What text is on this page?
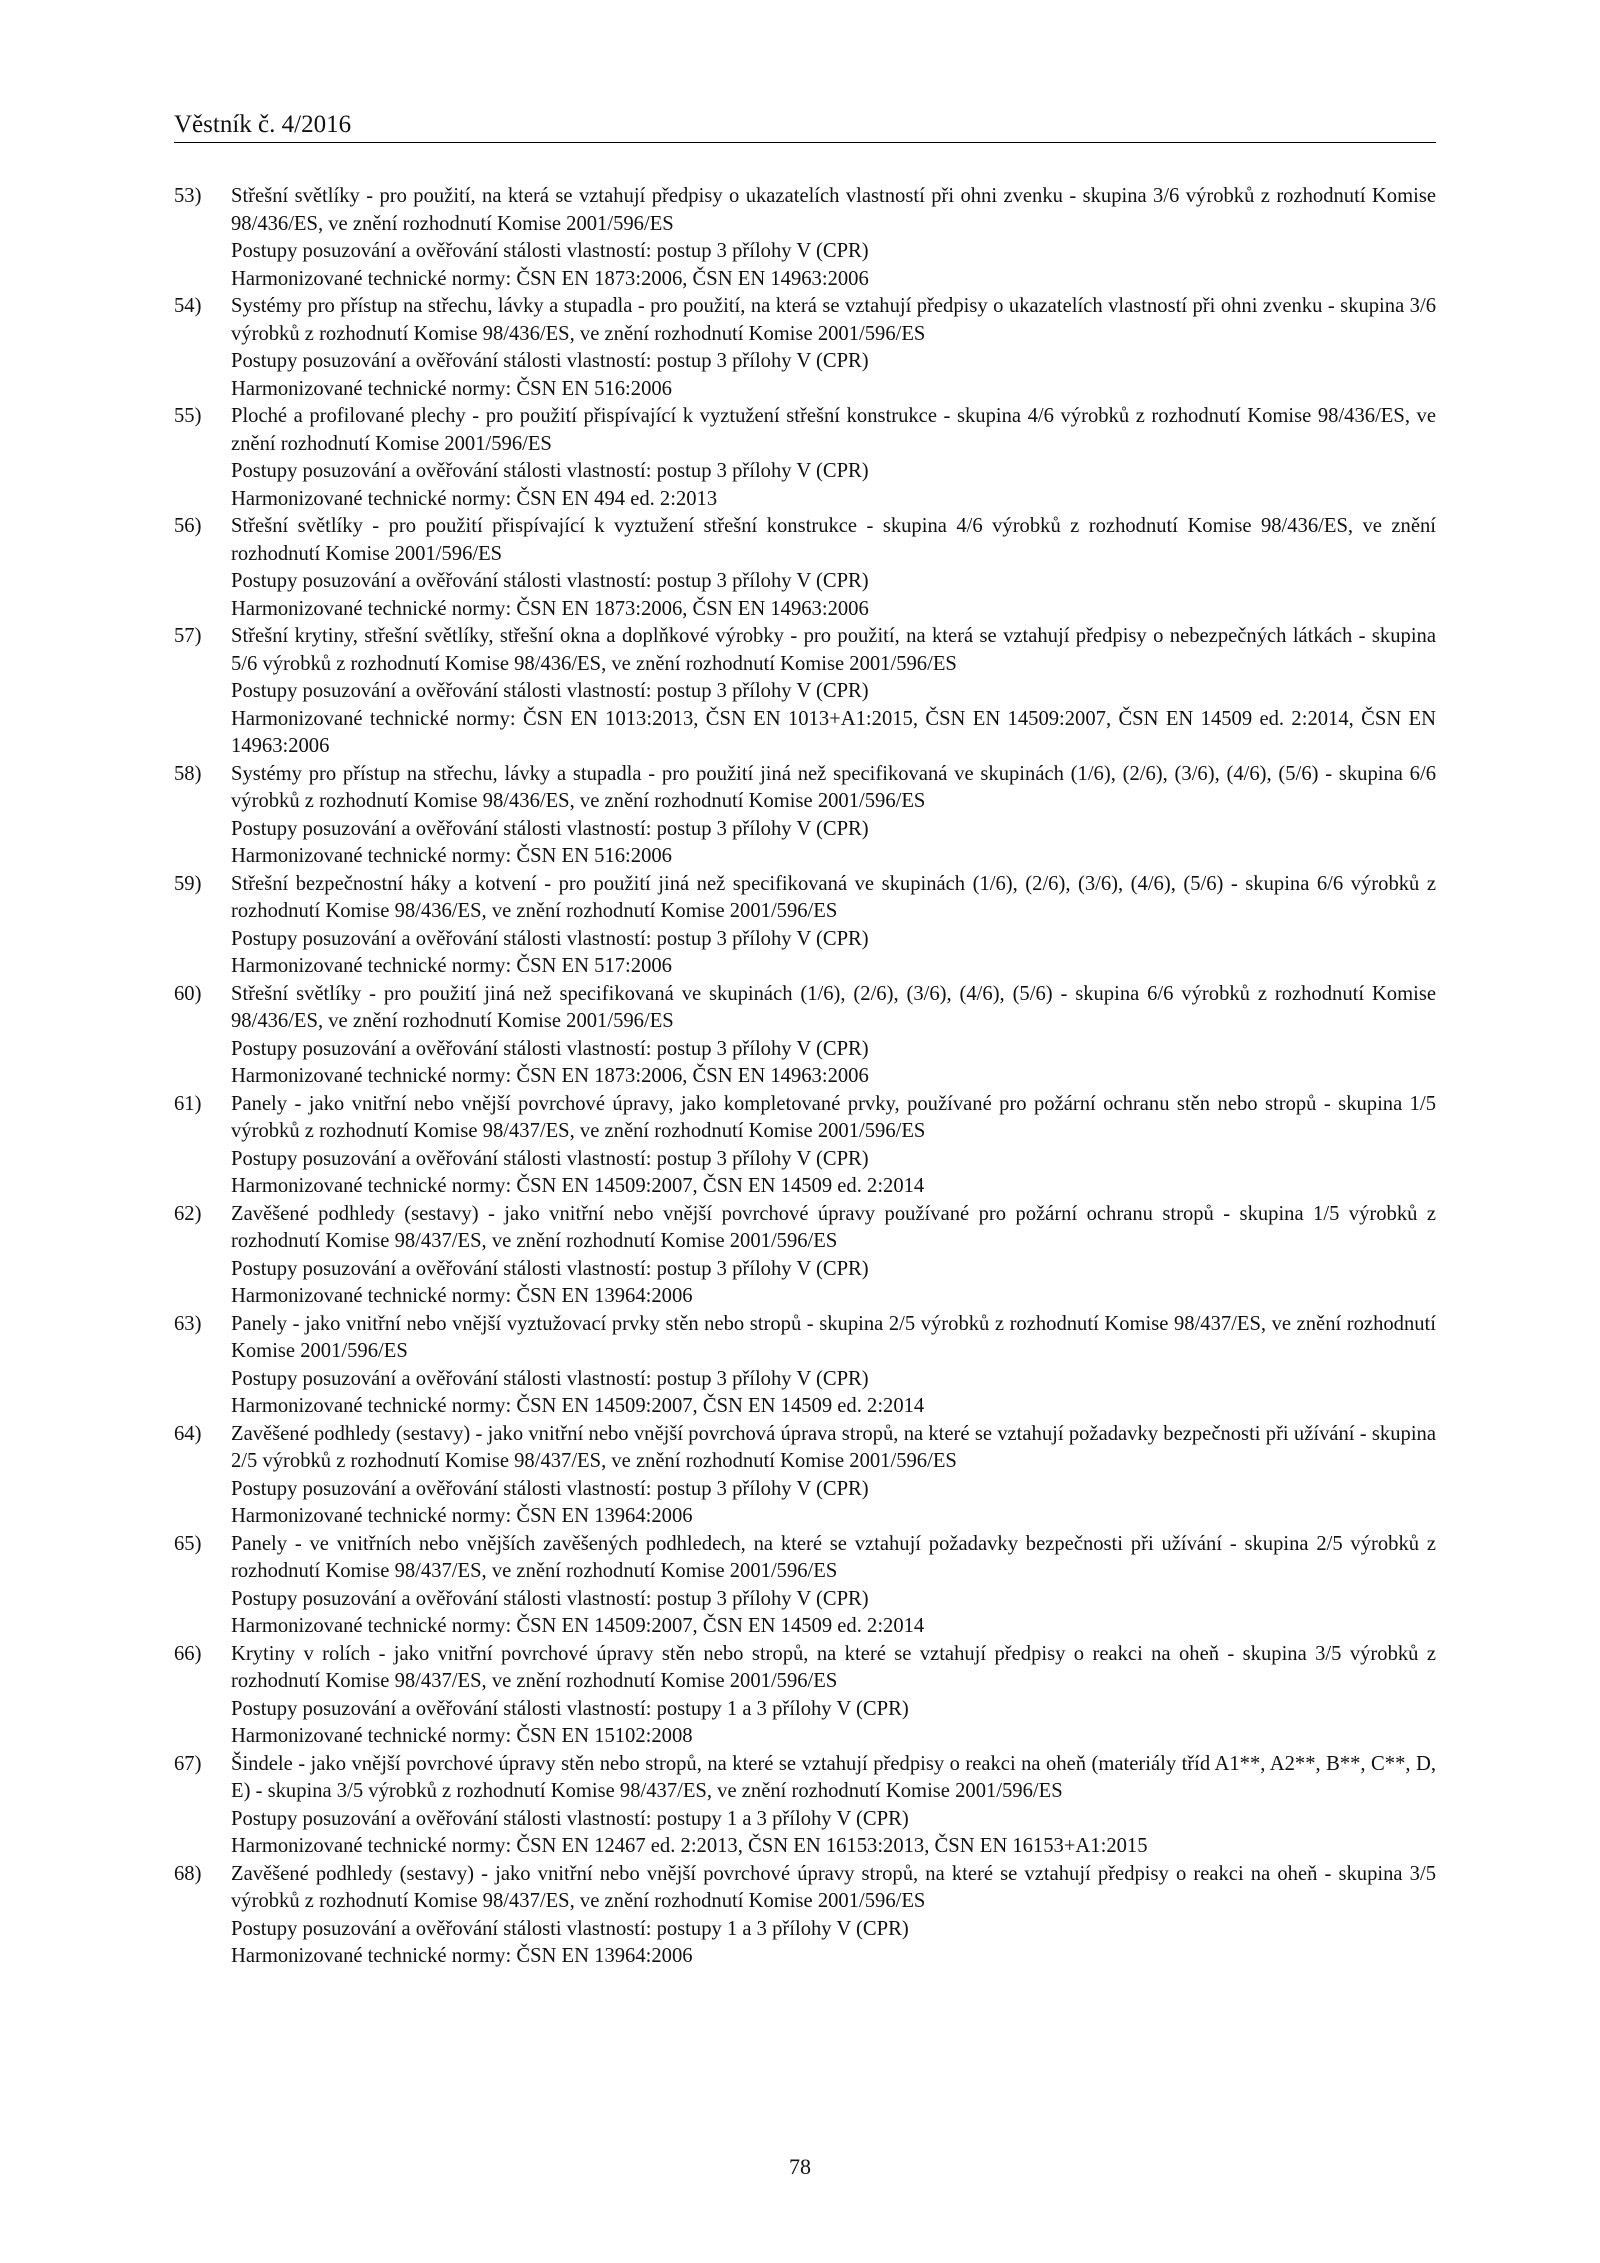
Věstník č. 4/2016
53) Střešní světlíky - pro použití, na která se vztahují předpisy o ukazatelích vlastností při ohni zvenku - skupina 3/6 výrobků z rozhodnutí Komise 98/436/ES, ve znění rozhodnutí Komise 2001/596/ES
Postupy posuzování a ověřování stálosti vlastností: postup 3 přílohy V (CPR)
Harmonizované technické normy: ČSN EN 1873:2006, ČSN EN 14963:2006
54) Systémy pro přístup na střechu, lávky a stupadla - pro použití, na která se vztahují předpisy o ukazatelích vlastností při ohni zvenku - skupina 3/6 výrobků z rozhodnutí Komise 98/436/ES, ve znění rozhodnutí Komise 2001/596/ES
Postupy posuzování a ověřování stálosti vlastností: postup 3 přílohy V (CPR)
Harmonizované technické normy: ČSN EN 516:2006
55) Ploché a profilované plechy - pro použití přispívající k vyztužení střešní konstrukce - skupina 4/6 výrobků z rozhodnutí Komise 98/436/ES, ve znění rozhodnutí Komise 2001/596/ES
Postupy posuzování a ověřování stálosti vlastností: postup 3 přílohy V (CPR)
Harmonizované technické normy: ČSN EN 494 ed. 2:2013
56) Střešní světlíky - pro použití přispívající k vyztužení střešní konstrukce - skupina 4/6 výrobků z rozhodnutí Komise 98/436/ES, ve znění rozhodnutí Komise 2001/596/ES
Postupy posuzování a ověřování stálosti vlastností: postup 3 přílohy V (CPR)
Harmonizované technické normy: ČSN EN 1873:2006, ČSN EN 14963:2006
57) Střešní krytiny, střešní světlíky, střešní okna a doplňkové výrobky - pro použití, na která se vztahují předpisy o nebezpečných látkách - skupina 5/6 výrobků z rozhodnutí Komise 98/436/ES, ve znění rozhodnutí Komise 2001/596/ES
Postupy posuzování a ověřování stálosti vlastností: postup 3 přílohy V (CPR)
Harmonizované technické normy: ČSN EN 1013:2013, ČSN EN 1013+A1:2015, ČSN EN 14509:2007, ČSN EN 14509 ed. 2:2014, ČSN EN 14963:2006
58) Systémy pro přístup na střechu, lávky a stupadla - pro použití jiná než specifikovaná ve skupinách (1/6), (2/6), (3/6), (4/6), (5/6) - skupina 6/6 výrobků z rozhodnutí Komise 98/436/ES, ve znění rozhodnutí Komise 2001/596/ES
Postupy posuzování a ověřování stálosti vlastností: postup 3 přílohy V (CPR)
Harmonizované technické normy: ČSN EN 516:2006
59) Střešní bezpečnostní háky a kotvení - pro použití jiná než specifikovaná ve skupinách (1/6), (2/6), (3/6), (4/6), (5/6) - skupina 6/6 výrobků z rozhodnutí Komise 98/436/ES, ve znění rozhodnutí Komise 2001/596/ES
Postupy posuzování a ověřování stálosti vlastností: postup 3 přílohy V (CPR)
Harmonizované technické normy: ČSN EN 517:2006
60) Střešní světlíky - pro použití jiná než specifikovaná ve skupinách (1/6), (2/6), (3/6), (4/6), (5/6) - skupina 6/6 výrobků z rozhodnutí Komise 98/436/ES, ve znění rozhodnutí Komise 2001/596/ES
Postupy posuzování a ověřování stálosti vlastností: postup 3 přílohy V (CPR)
Harmonizované technické normy: ČSN EN 1873:2006, ČSN EN 14963:2006
61) Panely - jako vnitřní nebo vnější povrchové úpravy, jako kompletované prvky, používané pro požární ochranu stěn nebo stropů - skupina 1/5 výrobků z rozhodnutí Komise 98/437/ES, ve znění rozhodnutí Komise 2001/596/ES
Postupy posuzování a ověřování stálosti vlastností: postup 3 přílohy V (CPR)
Harmonizované technické normy: ČSN EN 14509:2007, ČSN EN 14509 ed. 2:2014
62) Zavěšené podhledy (sestavy) - jako vnitřní nebo vnější povrchové úpravy používané pro požární ochranu stropů - skupina 1/5 výrobků z rozhodnutí Komise 98/437/ES, ve znění rozhodnutí Komise 2001/596/ES
Postupy posuzování a ověřování stálosti vlastností: postup 3 přílohy V (CPR)
Harmonizované technické normy: ČSN EN 13964:2006
63) Panely - jako vnitřní nebo vnější vyztužovací prvky stěn nebo stropů - skupina 2/5 výrobků z rozhodnutí Komise 98/437/ES, ve znění rozhodnutí Komise 2001/596/ES
Postupy posuzování a ověřování stálosti vlastností: postup 3 přílohy V (CPR)
Harmonizované technické normy: ČSN EN 14509:2007, ČSN EN 14509 ed. 2:2014
64) Zavěšené podhledy (sestavy) - jako vnitřní nebo vnější povrchová úprava stropů, na které se vztahují požadavky bezpečnosti při užívání - skupina 2/5 výrobků z rozhodnutí Komise 98/437/ES, ve znění rozhodnutí Komise 2001/596/ES
Postupy posuzování a ověřování stálosti vlastností: postup 3 přílohy V (CPR)
Harmonizované technické normy: ČSN EN 13964:2006
65) Panely - ve vnitřních nebo vnějších zavěšených podhledech, na které se vztahují požadavky bezpečnosti při užívání - skupina 2/5 výrobků z rozhodnutí Komise 98/437/ES, ve znění rozhodnutí Komise 2001/596/ES
Postupy posuzování a ověřování stálosti vlastností: postup 3 přílohy V (CPR)
Harmonizované technické normy: ČSN EN 14509:2007, ČSN EN 14509 ed. 2:2014
66) Krytiny v rolích - jako vnitřní povrchové úpravy stěn nebo stropů, na které se vztahují předpisy o reakci na oheň - skupina 3/5 výrobků z rozhodnutí Komise 98/437/ES, ve znění rozhodnutí Komise 2001/596/ES
Postupy posuzování a ověřování stálosti vlastností: postupy 1 a 3 přílohy V (CPR)
Harmonizované technické normy: ČSN EN 15102:2008
67) Šindele - jako vnější povrchové úpravy stěn nebo stropů, na které se vztahují předpisy o reakci na oheň (materiály tříd A1**, A2**, B**, C**, D, E) - skupina 3/5 výrobků z rozhodnutí Komise 98/437/ES, ve znění rozhodnutí Komise 2001/596/ES
Postupy posuzování a ověřování stálosti vlastností: postupy 1 a 3 přílohy V (CPR)
Harmonizované technické normy: ČSN EN 12467 ed. 2:2013, ČSN EN 16153:2013, ČSN EN 16153+A1:2015
68) Zavěšené podhledy (sestavy) - jako vnitřní nebo vnější povrchové úpravy stropů, na které se vztahují předpisy o reakci na oheň - skupina 3/5 výrobků z rozhodnutí Komise 98/437/ES, ve znění rozhodnutí Komise 2001/596/ES
Postupy posuzování a ověřování stálosti vlastností: postupy 1 a 3 přílohy V (CPR)
Harmonizované technické normy: ČSN EN 13964:2006
78
